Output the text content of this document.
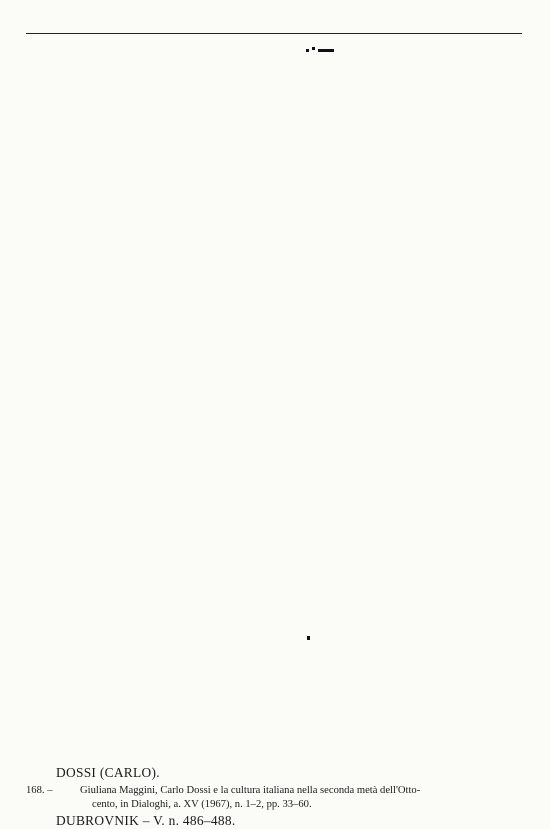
DOSSI (CARLO).
168. –	Giuliana Maggini, Carlo Dossi e la cultura italiana nella seconda metà dell'Otto-
cento, in Dialoghi, a. XV (1967), n. 1–2, pp. 33–60.
DUBROVNIK – V. n. 486–488.
